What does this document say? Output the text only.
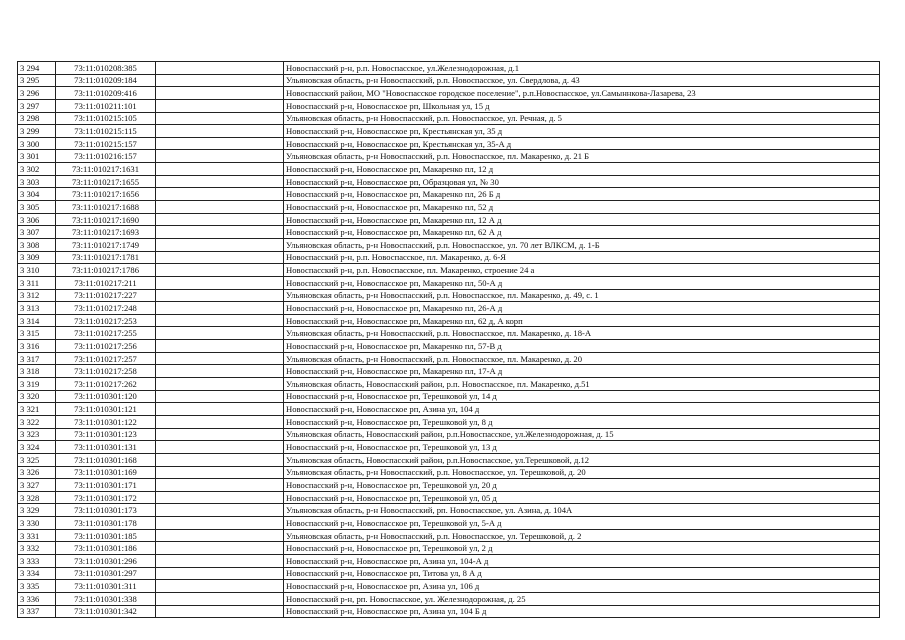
3 294	73:11:010208:385		Новоспасский р-н, р.п. Новоспасское, ул.Железнодорожная, д.1
3 295	73:11:010209:184		Ульяновская область, р-н Новоспасский, р.п. Новоспасское, ул. Свердлова, д. 43
3 296	73:11:010209:416		Новоспасский район, МО "Новоспасское городское поселение", р.п.Новоспасское, ул.Самыннкова-Лазарева, 23
3 297	73:11:010211:101		Новоспасский р-н, Новоспасское рп, Школьная ул, 15 д
3 298	73:11:010215:105		Ульяновская область, р-н Новоспасский, р.п. Новоспасское, ул. Речная, д. 5
3 299	73:11:010215:115		Новоспасский р-н, Новоспасское рп, Крестьянская ул, 35 д
3 300	73:11:010215:157		Новоспасский р-н, Новоспасское рп, Крестьянская ул, 35-А д
3 301	73:11:010216:157		Ульяновская область, р-н Новоспасский, р.п. Новоспасское, пл. Макаренко, д. 21 Б
3 302	73:11:010217:1631		Новоспасский р-н, Новоспасское рп, Макаренко пл, 12 д
3 303	73:11:010217:1655		Новоспасский р-н, Новоспасское рп, Образцовая ул, № 30
3 304	73:11:010217:1656		Новоспасский р-н, Новоспасское рп, Макаренко пл, 26 Б д
3 305	73:11:010217:1688		Новоспасский р-н, Новоспасское рп, Макаренко пл, 52 д
3 306	73:11:010217:1690		Новоспасский р-н, Новоспасское рп, Макаренко пл, 12 А д
3 307	73:11:010217:1693		Новоспасский р-н, Новоспасское рп, Макаренко пл, 62 А д
3 308	73:11:010217:1749		Ульяновская область, р-н Новоспасский, р.п. Новоспасское, ул. 70 лет ВЛКСМ, д. 1-Б
3 309	73:11:010217:1781		Новоспасский р-н, р.п. Новоспасское, пл. Макаренко, д. 6-Я
3 310	73:11:010217:1786		Новоспасский р-н, р.п. Новоспасское, пл. Макаренко, строение 24 а
3 311	73:11:010217:211		Новоспасский р-н, Новоспасское рп, Макаренко пл, 50-А д
3 312	73:11:010217:227		Ульяновская область, р-н Новоспасский, р.п. Новоспасское, пл. Макаренко, д. 49, с. 1
3 313	73:11:010217:248		Новоспасский р-н, Новоспасское рп, Макаренко пл, 26-А д
3 314	73:11:010217:253		Новоспасский р-н, Новоспасское рп, Макаренко пл, 62 д, А корп
3 315	73:11:010217:255		Ульяновская область, р-н Новоспасский, р.п. Новоспасское, пл. Макаренко, д. 18-А
3 316	73:11:010217:256		Новоспасский р-н, Новоспасское рп, Макаренко пл, 57-В д
3 317	73:11:010217:257		Ульяновская область, р-н Новоспасский, р.п. Новоспасское, пл. Макаренко, д. 20
3 318	73:11:010217:258		Новоспасский р-н, Новоспасское рп, Макаренко пл, 17-А д
3 319	73:11:010217:262		Ульяновская область, Новоспасский район, р.п. Новоспасское, пл. Макаренко, д.51
3 320	73:11:010301:120		Новоспасский р-н, Новоспасское рп, Терешковой ул, 14 д
3 321	73:11:010301:121		Новоспасский р-н, Новоспасское рп, Азина ул, 104 д
3 322	73:11:010301:122		Новоспасский р-н, Новоспасское рп, Терешковой ул, 8 д
3 323	73:11:010301:123		Ульяновская область, Новоспасский район, р.п.Новоспасское, ул.Железнодорожная, д. 15
3 324	73:11:010301:131		Новоспасский р-н, Новоспасское рп, Терешковой ул, 13 д
3 325	73:11:010301:168		Ульяновская область, Новоспасский район, р.п.Новоспасское, ул.Терешковой, д.12
3 326	73:11:010301:169		Ульяновская область, р-н Новоспасский, р.п. Новоспасское, ул. Терешковой, д. 20
3 327	73:11:010301:171		Новоспасский р-н, Новоспасское рп, Терешковой ул, 20 д
3 328	73:11:010301:172		Новоспасский р-н, Новоспасское рп, Терешковой ул, 05 д
3 329	73:11:010301:173		Ульяновская область, р-н Новоспасский, рп. Новоспасское, ул. Азина, д. 104А
3 330	73:11:010301:178		Новоспасский р-н, Новоспасское рп, Терешковой ул, 5-А д
3 331	73:11:010301:185		Ульяновская область, р-н Новоспасский, р.п. Новоспасское, ул. Терешковой, д. 2
3 332	73:11:010301:186		Новоспасский р-н, Новоспасское рп, Терешковой ул, 2 д
3 333	73:11:010301:296		Новоспасский р-н, Новоспасское рп, Азина ул, 104-А д
3 334	73:11:010301:297		Новоспасский р-н, Новоспасское рп, Титова ул, 8 А д
3 335	73:11:010301:311		Новоспасский р-н, Новоспасское рп, Азина ул, 106 д
3 336	73:11:010301:338		Новоспасский р-н, рп. Новоспасское, ул. Железнодорожная, д. 25
3 337	73:11:010301:342		Новоспасский р-н, Новоспасское рп, Азина ул, 104 Б д
